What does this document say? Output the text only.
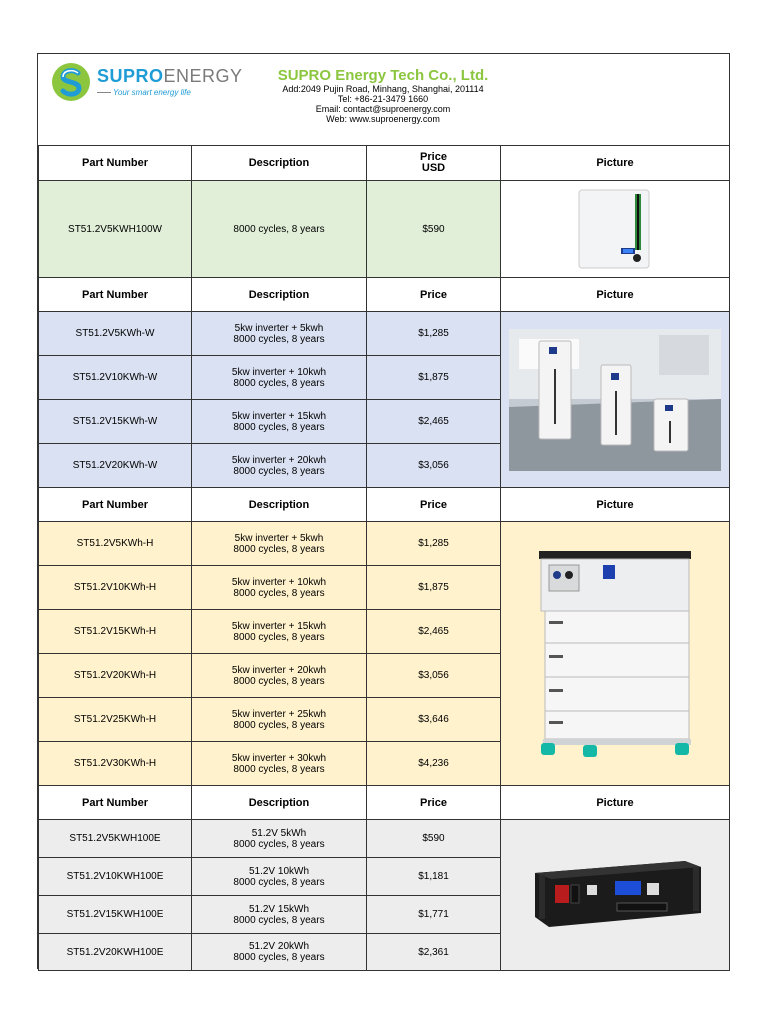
SUPROENERGY
Your smart energy life
SUPRO Energy Tech Co., Ltd.
Add:2049 Pujin Road, Minhang, Shanghai, 201114
Tel: +86-21-3479 1660
Email: contact@suproenergy.com
Web: www.suproenergy.com
Part Number	Description	Price
USD	Picture
ST51.2V5KWH100W	8000 cycles, 8 years	$590	

Part Number	Description	Price	Picture
ST51.2V5KWh-W	5kw inverter + 5kwh
8000 cycles, 8 years	$1,285	

ST51.2V10KWh-W	5kw inverter + 10kwh
8000 cycles, 8 years	$1,875	
ST51.2V15KWh-W	5kw inverter + 15kwh
8000 cycles, 8 years	$2,465	
ST51.2V20KWh-W	5kw inverter + 20kwh
8000 cycles, 8 years	$3,056	
Part Number	Description	Price	Picture
ST51.2V5KWh-H	5kw inverter + 5kwh
8000 cycles, 8 years	$1,285	

ST51.2V10KWh-H	5kw inverter + 10kwh
8000 cycles, 8 years	$1,875	
ST51.2V15KWh-H	5kw inverter + 15kwh
8000 cycles, 8 years	$2,465	
ST51.2V20KWh-H	5kw inverter + 20kwh
8000 cycles, 8 years	$3,056	
ST51.2V25KWh-H	5kw inverter + 25kwh
8000 cycles, 8 years	$3,646	
ST51.2V30KWh-H	5kw inverter + 30kwh
8000 cycles, 8 years	$4,236	
Part Number	Description	Price	Picture
ST51.2V5KWH100E	51.2V 5kWh
8000 cycles, 8 years	$590	

ST51.2V10KWH100E	51.2V 10kWh
8000 cycles, 8 years	$1,181	
ST51.2V15KWH100E	51.2V 15kWh
8000 cycles, 8 years	$1,771	
ST51.2V20KWH100E	51.2V 20kWh
8000 cycles, 8 years	$2,361	
